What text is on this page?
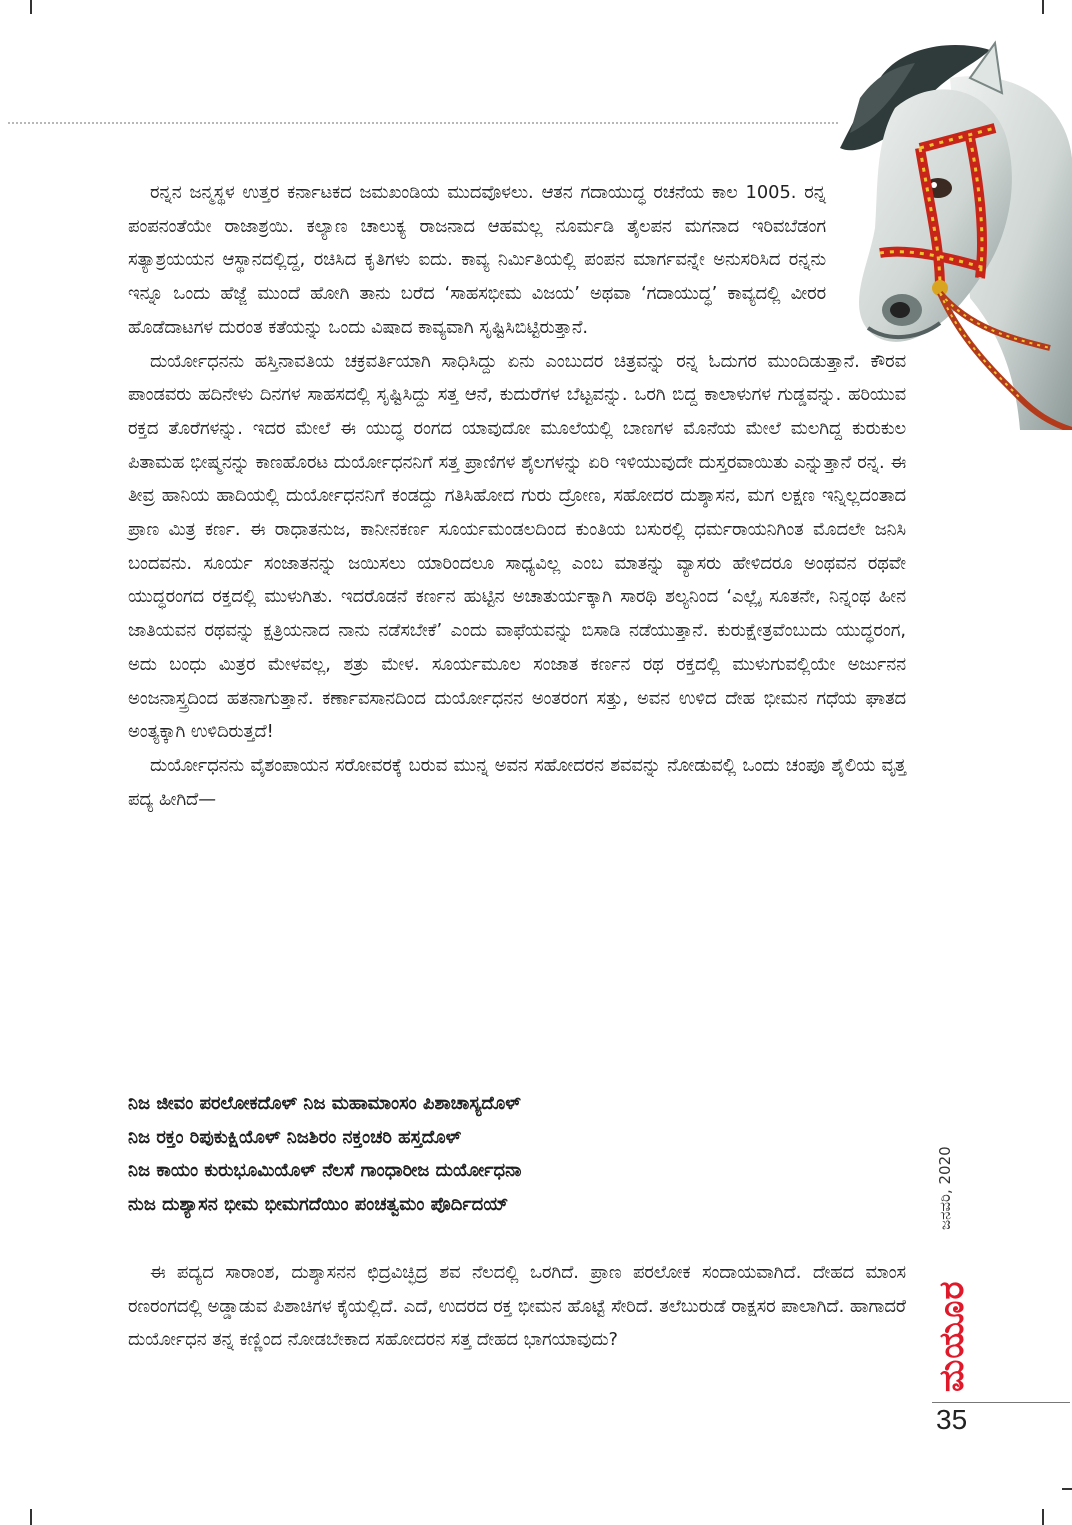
ರನ್ನನ ಜನ್ಮಸ್ಥಳ ಉತ್ತರ ಕರ್ನಾಟಕದ ಜಮಖಂಡಿಯ ಮುದವೊಳಲು. ಆತನ ಗದಾಯುದ್ಧ ರಚನೆಯ ಕಾಲ 1005. ರನ್ನ ಪಂಪನಂತೆಯೇ ರಾಜಾಶ್ರಯಿ. ಕಲ್ಯಾಣ ಚಾಲುಕ್ಯ ರಾಜನಾದ ಆಹಮಲ್ಲ ನೂರ್ಮಡಿ ತೈಲಪನ ಮಗನಾದ ಇರಿವಬೆಡಂಗ ಸತ್ಯಾಶ್ರಯಯನ ಆಸ್ಥಾನದಲ್ಲಿದ್ದ, ರಚಿಸಿದ ಕೃತಿಗಳು ಐದು. ಕಾವ್ಯ ನಿರ್ಮಿತಿಯಲ್ಲಿ ಪಂಪನ ಮಾರ್ಗವನ್ನೇ ಅನುಸರಿಸಿದ ರನ್ನನು ಇನ್ನೂ ಒಂದು ಹೆಜ್ಜೆ ಮುಂದೆ ಹೋಗಿ ತಾನು ಬರೆದ ‘ಸಾಹಸಭೀಮ ವಿಜಯ’ ಅಥವಾ ‘ಗದಾಯುದ್ಧ’ ಕಾವ್ಯದಲ್ಲಿ ವೀರರ ಹೊಡೆದಾಟಗಳ ದುರಂತ ಕತೆಯನ್ನು ಒಂದು ವಿಷಾದ ಕಾವ್ಯವಾಗಿ ಸೃಷ್ಟಿಸಿಬಿಟ್ಟಿರುತ್ತಾನೆ.

ದುರ್ಯೋಧನನು ಹಸ್ತಿನಾವತಿಯ ಚಕ್ರವರ್ತಿಯಾಗಿ ಸಾಧಿಸಿದ್ದು ಏನು ಎಂಬುದರ ಚಿತ್ರವನ್ನು ರನ್ನ ಓದುಗರ ಮುಂದಿಡುತ್ತಾನೆ. ಕೌರವ ಪಾಂಡವರು ಹದಿನೇಳು ದಿನಗಳ ಸಾಹಸದಲ್ಲಿ ಸೃಷ್ಟಿಸಿದ್ದು ಸತ್ತ ಆನೆ, ಕುದುರೆಗಳ ಬೆಟ್ಟವನ್ನು. ಒರಗಿ ಬಿದ್ದ ಕಾಲಾಳುಗಳ ಗುಡ್ಡವನ್ನು. ಹರಿಯುವ ರಕ್ತದ ತೊರೆಗಳನ್ನು. ಇದರ ಮೇಲೆ ಈ ಯುದ್ಧ ರಂಗದ ಯಾವುದೋ ಮೂಲೆಯಲ್ಲಿ ಬಾಣಗಳ ಮೊನೆಯ ಮೇಲೆ ಮಲಗಿದ್ದ ಕುರುಕುಲ ಪಿತಾಮಹ ಭೀಷ್ಮನನ್ನು ಕಾಣಹೊರಟ ದುರ್ಯೋಧನನಿಗೆ ಸತ್ತ ಪ್ರಾಣಿಗಳ ಶೈಲಗಳನ್ನು ಏರಿ ಇಳಿಯುವುದೇ ದುಸ್ತರವಾಯಿತು ಎನ್ನುತ್ತಾನೆ ರನ್ನ. ಈ ತೀವ್ರ ಹಾನಿಯ ಹಾದಿಯಲ್ಲಿ ದುರ್ಯೋಧನನಿಗೆ ಕಂಡದ್ದು ಗತಿಸಿಹೋದ ಗುರು ದ್ರೋಣ, ಸಹೋದರ ದುಶ್ಶಾಸನ, ಮಗ ಲಕ್ಷಣ ಇನ್ನಿಲ್ಲದಂತಾದ ಪ್ರಾಣ ಮಿತ್ರ ಕರ್ಣ. ಈ ರಾಧಾತನುಜ, ಕಾನೀನಕರ್ಣ ಸೂರ್ಯಮಂಡಲದಿಂದ ಕುಂತಿಯ ಬಸುರಲ್ಲಿ ಧರ್ಮರಾಯನಿಗಿಂತ ಮೊದಲೇ ಜನಿಸಿ ಬಂದವನು. ಸೂರ್ಯ ಸಂಜಾತನನ್ನು ಜಯಿಸಲು ಯಾರಿಂದಲೂ ಸಾಧ್ಯವಿಲ್ಲ ಎಂಬ ಮಾತನ್ನು ವ್ಯಾಸರು ಹೇಳಿದರೂ ಅಂಥವನ ರಥವೇ ಯುದ್ಧರಂಗದ ರಕ್ತದಲ್ಲಿ ಮುಳುಗಿತು. ಇದರೊಡನೆ ಕರ್ಣನ ಹುಟ್ಟಿನ ಅಚಾತುರ್ಯಕ್ಕಾಗಿ ಸಾರಥಿ ಶಲ್ಯನಿಂದ ‘ಎಲ್ಲೈ ಸೂತನೇ, ನಿನ್ನಂಥ ಹೀನ ಜಾತಿಯವನ ರಥವನ್ನು ಕ್ಷತ್ರಿಯನಾದ ನಾನು ನಡೆಸಬೇಕೆ’ ಎಂದು ವಾಫೆಯವನ್ನು ಬಿಸಾಡಿ ನಡೆಯುತ್ತಾನೆ. ಕುರುಕ್ಷೇತ್ರವೆಂಬುದು ಯುದ್ಧರಂಗ, ಅದು ಬಂಧು ಮಿತ್ರರ ಮೇಳವಲ್ಲ, ಶತ್ರು ಮೇಳ. ಸೂರ್ಯಮೂಲ ಸಂಜಾತ ಕರ್ಣನ ರಥ ರಕ್ತದಲ್ಲಿ ಮುಳುಗುವಲ್ಲಿಯೇ ಅರ್ಜುನನ ಅಂಜನಾಸ್ತ್ರದಿಂದ ಹತನಾಗುತ್ತಾನೆ. ಕರ್ಣಾವಸಾನದಿಂದ ದುರ್ಯೋಧನನ ಅಂತರಂಗ ಸತ್ತು, ಅವನ ಉಳಿದ ದೇಹ ಭೀಮನ ಗಧೆಯ ಘಾತದ ಅಂತ್ಯಕ್ಕಾಗಿ ಉಳಿದಿರುತ್ತದೆ!

ದುರ್ಯೋಧನನು ವೈಶಂಪಾಯನ ಸರೋವರಕ್ಕೆ ಬರುವ ಮುನ್ನ ಅವನ ಸಹೋದರನ ಶವವನ್ನು ನೋಡುವಲ್ಲಿ ಒಂದು ಚಂಪೂ ಶೈಲಿಯ ವೃತ್ತ ಪದ್ಯ ಹೀಗಿದೆ—

ನಿಜ ಜೀವಂ ಪರಲೋಕದೊಳ್ ನಿಜ ಮಹಾಮಾಂಸಂ ಪಿಶಾಚಾಸ್ಯದೊಳ್
ನಿಜ ರಕ್ತಂ ರಿಪುಕುಕ್ಷಿಯೊಳ್ ನಿಜಶಿರಂ ನಕ್ತಂಚರಿ ಹಸ್ತದೊಳ್
ನಿಜ ಕಾಯಂ ಕುರುಭೂಮಿಯೊಳ್ ನೆಲಸೆ ಗಾಂಧಾರೀಜ ದುರ್ಯೋಧನಾ
ನುಜ ದುಶ್ಯಾಸನ ಭೀಮ ಭೀಮಗದೆಯಿಂ ಪಂಚತ್ವಮಂ ಪೊರ್ದಿದಯ್

ಈ ಪದ್ಯದ ಸಾರಾಂಶ, ದುಶ್ಶಾಸನನ ಛಿದ್ರವಿಚ್ಛಿದ್ರ ಶವ ನೆಲದಲ್ಲಿ ಒರಗಿದೆ. ಪ್ರಾಣ ಪರಲೋಕ ಸಂದಾಯವಾಗಿದೆ. ದೇಹದ ಮಾಂಸ ರಣರಂಗದಲ್ಲಿ ಅಡ್ಡಾಡುವ ಪಿಶಾಚಿಗಳ ಕೈಯಲ್ಲಿದೆ. ಎದೆ, ಉದರದ ರಕ್ತ ಭೀಮನ ಹೊಟ್ಟೆ ಸೇರಿದೆ. ತಲೆಬುರುಡೆ ರಾಕ್ಷಸರ ಪಾಲಾಗಿದೆ. ಹಾಗಾದರೆ ದುರ್ಯೋಧನ ತನ್ನ ಕಣ್ಣಿಂದ ನೋಡಬೇಕಾದ ಸಹೋದರನ ಸತ್ತ ದೇಹದ ಭಾಗಯಾವುದು?

ಜನವರಿ, 2020
ಮಯೂರ
35
